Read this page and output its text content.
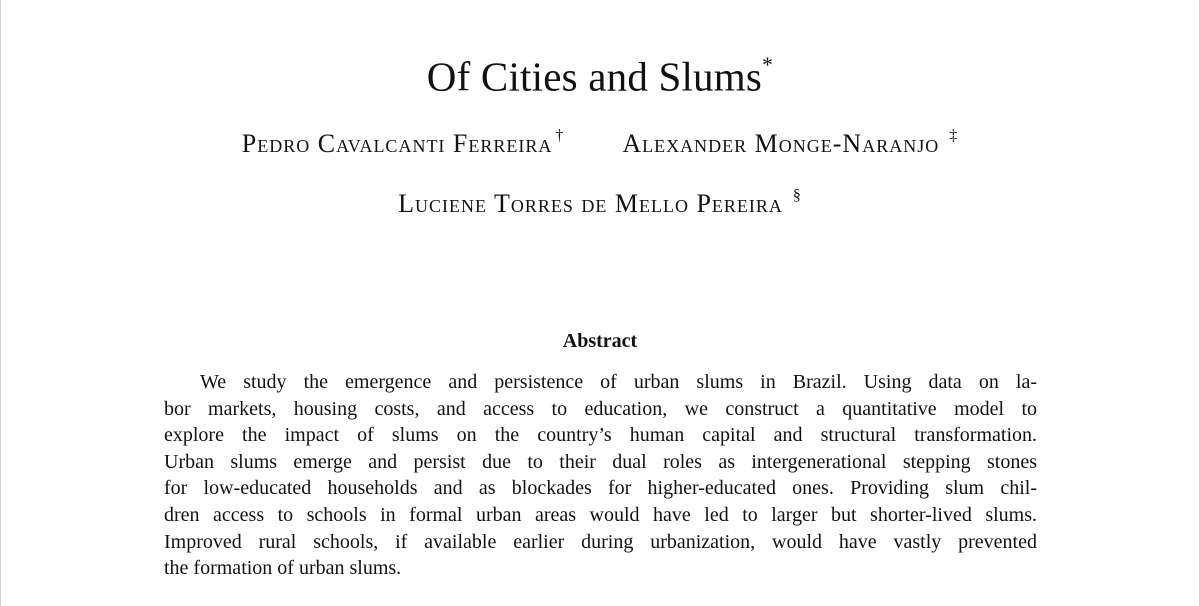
Of Cities and Slums*
Pedro Cavalcanti Ferreira † Alexander Monge-Naranjo ‡
Luciene Torres de Mello Pereira §
Abstract
We study the emergence and persistence of urban slums in Brazil. Using data on la-
bor markets, housing costs, and access to education, we construct a quantitative model to
explore the impact of slums on the country’s human capital and structural transformation.
Urban slums emerge and persist due to their dual roles as intergenerational stepping stones
for low-educated households and as blockades for higher-educated ones. Providing slum chil-
dren access to schools in formal urban areas would have led to larger but shorter-lived slums.
Improved rural schools, if available earlier during urbanization, would have vastly prevented
the formation of urban slums.
